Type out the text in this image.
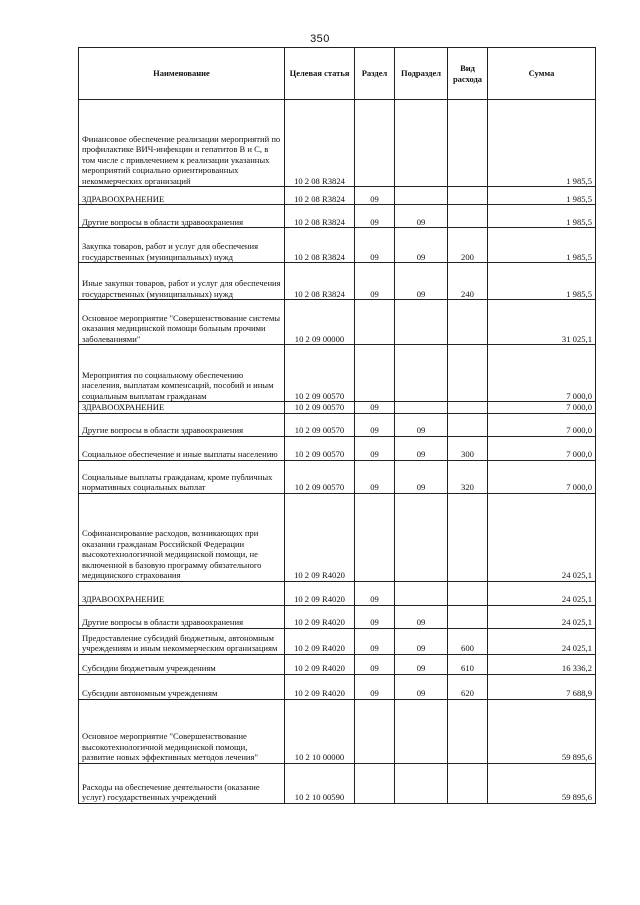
350
Наименование	Целевая статья	Раздел	Подраздел	Вид расхода	Сумма
Финансовое обеспечение реализации мероприятий по профилактике ВИЧ-инфекции и гепатитов В и С, в том числе с привлечением к реализации указанных мероприятий социально ориентированных некоммерческих организаций	10 2 08 R3824				1 985,5
ЗДРАВООХРАНЕНИЕ	10 2 08 R3824	09			1 985,5
Другие вопросы в области здравоохранения	10 2 08 R3824	09	09		1 985,5
Закупка товаров, работ и услуг для обеспечения государственных (муниципальных) нужд	10 2 08 R3824	09	09	200	1 985,5
Иные закупки товаров, работ и услуг для обеспечения государственных (муниципальных) нужд	10 2 08 R3824	09	09	240	1 985,5
Основное мероприятие "Совершенствование системы оказания медицинской помощи больным прочими заболеваниями"	10 2 09 00000				31 025,1
Мероприятия по социальному обеспечению населения, выплатам компенсаций, пособий и иным социальным выплатам гражданам	10 2 09 00570				7 000,0
ЗДРАВООХРАНЕНИЕ	10 2 09 00570	09			7 000,0
Другие вопросы в области здравоохранения	10 2 09 00570	09	09		7 000,0
Социальное обеспечение и иные выплаты населению	10 2 09 00570	09	09	300	7 000,0
Социальные выплаты гражданам, кроме публичных нормативных социальных выплат	10 2 09 00570	09	09	320	7 000,0
Софинансирование расходов, возникающих при оказании гражданам Российской Федерации высокотехнологичной медицинской помощи, не включенной в базовую программу обязательного медицинского страхования	10 2 09 R4020				24 025,1
ЗДРАВООХРАНЕНИЕ	10 2 09 R4020	09			24 025,1
Другие вопросы в области здравоохранения	10 2 09 R4020	09	09		24 025,1
Предоставление субсидий бюджетным, автономным учреждениям и иным некоммерческим организациям	10 2 09 R4020	09	09	600	24 025,1
Субсидии бюджетным учреждениям	10 2 09 R4020	09	09	610	16 336,2
Субсидии автономным учреждениям	10 2 09 R4020	09	09	620	7 688,9
Основное мероприятие "Совершенствование высокотехнологичной медицинской помощи, развитие новых эффективных методов лечения"	10 2 10 00000				59 895,6
Расходы на обеспечение деятельности (оказание услуг) государственных учреждений	10 2 10 00590				59 895,6
